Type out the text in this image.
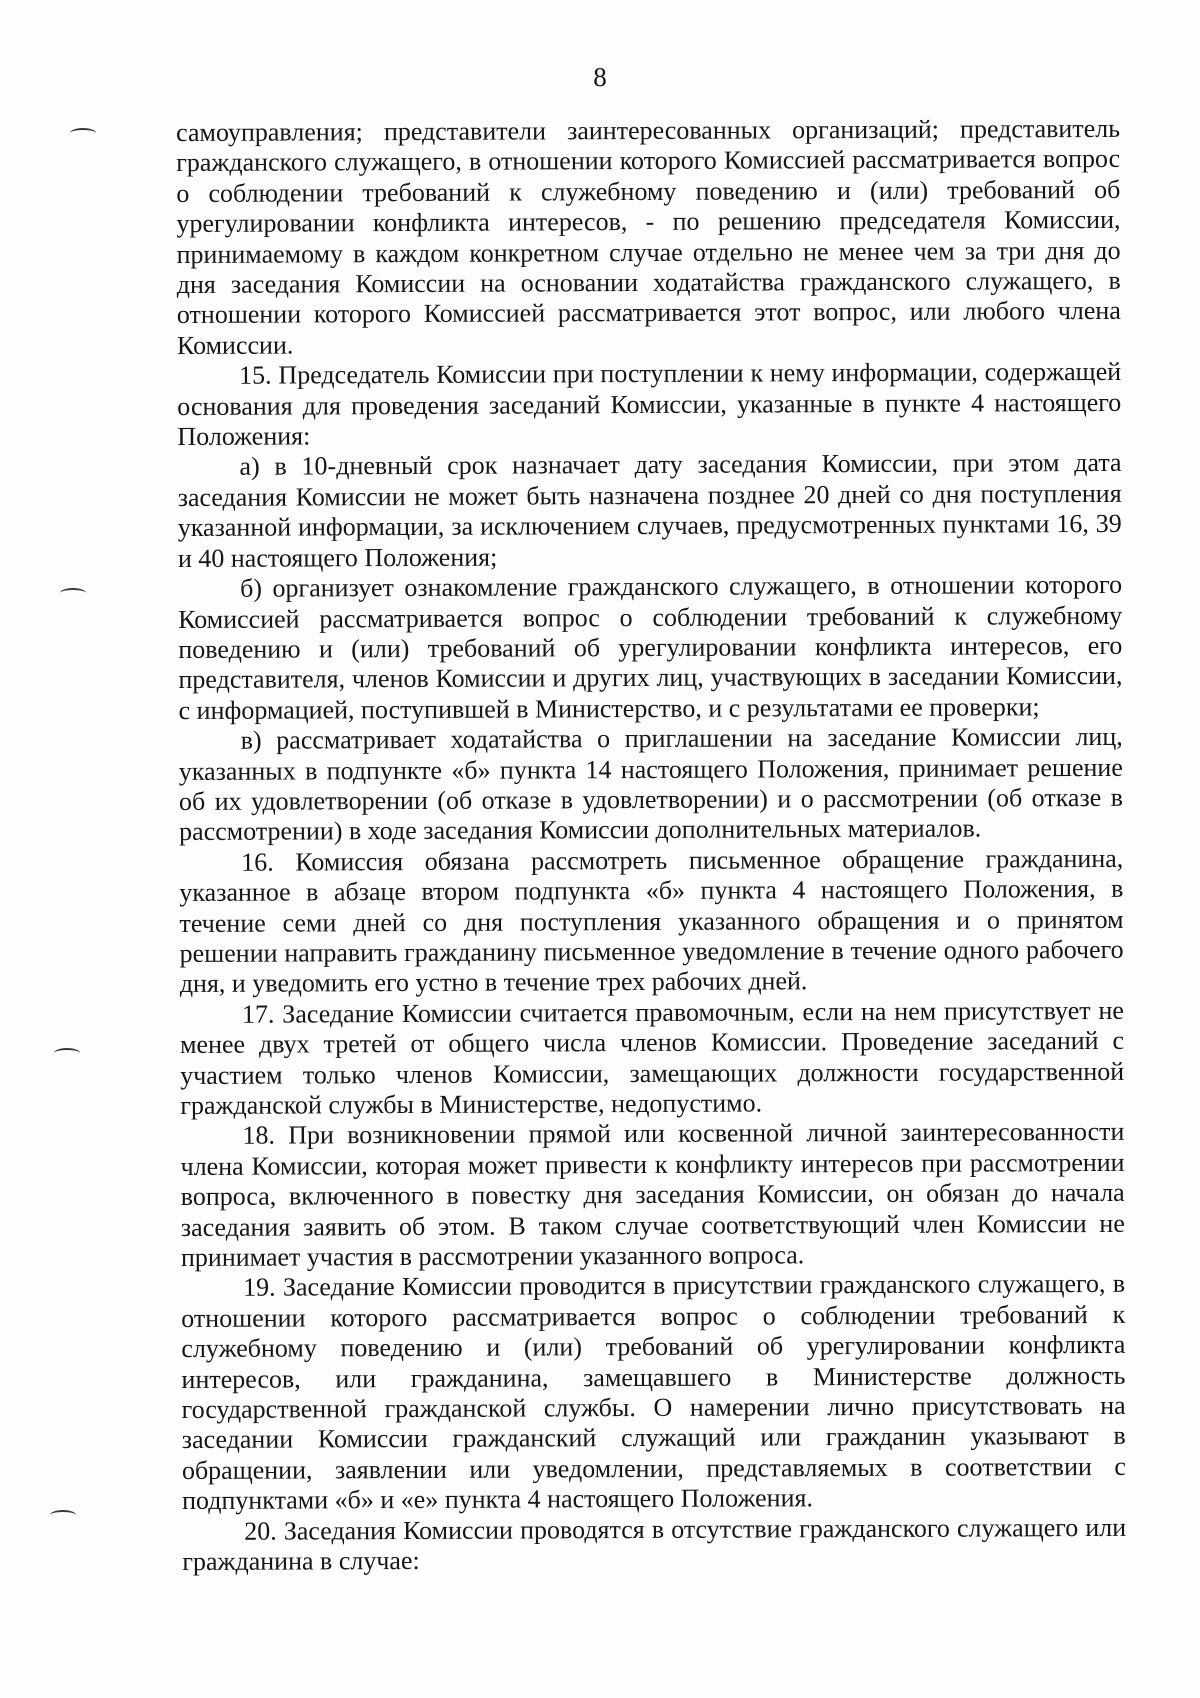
8

самоуправления; представители заинтересованных организаций; представитель гражданского служащего, в отношении которого Комиссией рассматривается вопрос о соблюдении требований к служебному поведению и (или) требований об урегулировании конфликта интересов, - по решению председателя Комиссии, принимаемому в каждом конкретном случае отдельно не менее чем за три дня до дня заседания Комиссии на основании ходатайства гражданского служащего, в отношении которого Комиссией рассматривается этот вопрос, или любого члена Комиссии.

15. Председатель Комиссии при поступлении к нему информации, содержащей основания для проведения заседаний Комиссии, указанные в пункте 4 настоящего Положения:

а) в 10-дневный срок назначает дату заседания Комиссии, при этом дата заседания Комиссии не может быть назначена позднее 20 дней со дня поступления указанной информации, за исключением случаев, предусмотренных пунктами 16, 39 и 40 настоящего Положения;

б) организует ознакомление гражданского служащего, в отношении которого Комиссией рассматривается вопрос о соблюдении требований к служебному поведению и (или) требований об урегулировании конфликта интересов, его представителя, членов Комиссии и других лиц, участвующих в заседании Комиссии, с информацией, поступившей в Министерство, и с результатами ее проверки;

в) рассматривает ходатайства о приглашении на заседание Комиссии лиц, указанных в подпункте «б» пункта 14 настоящего Положения, принимает решение об их удовлетворении (об отказе в удовлетворении) и о рассмотрении (об отказе в рассмотрении) в ходе заседания Комиссии дополнительных материалов.

16. Комиссия обязана рассмотреть письменное обращение гражданина, указанное в абзаце втором подпункта «б» пункта 4 настоящего Положения, в течение семи дней со дня поступления указанного обращения и о принятом решении направить гражданину письменное уведомление в течение одного рабочего дня, и уведомить его устно в течение трех рабочих дней.

17. Заседание Комиссии считается правомочным, если на нем присутствует не менее двух третей от общего числа членов Комиссии. Проведение заседаний с участием только членов Комиссии, замещающих должности государственной гражданской службы в Министерстве, недопустимо.

18. При возникновении прямой или косвенной личной заинтересованности члена Комиссии, которая может привести к конфликту интересов при рассмотрении вопроса, включенного в повестку дня заседания Комиссии, он обязан до начала заседания заявить об этом. В таком случае соответствующий член Комиссии не принимает участия в рассмотрении указанного вопроса.

19. Заседание Комиссии проводится в присутствии гражданского служащего, в отношении которого рассматривается вопрос о соблюдении требований к служебному поведению и (или) требований об урегулировании конфликта интересов, или гражданина, замещавшего в Министерстве должность государственной гражданской службы. О намерении лично присутствовать на заседании Комиссии гражданский служащий или гражданин указывают в обращении, заявлении или уведомлении, представляемых в соответствии с подпунктами «б» и «е» пункта 4 настоящего Положения.

20. Заседания Комиссии проводятся в отсутствие гражданского служащего или гражданина в случае:
